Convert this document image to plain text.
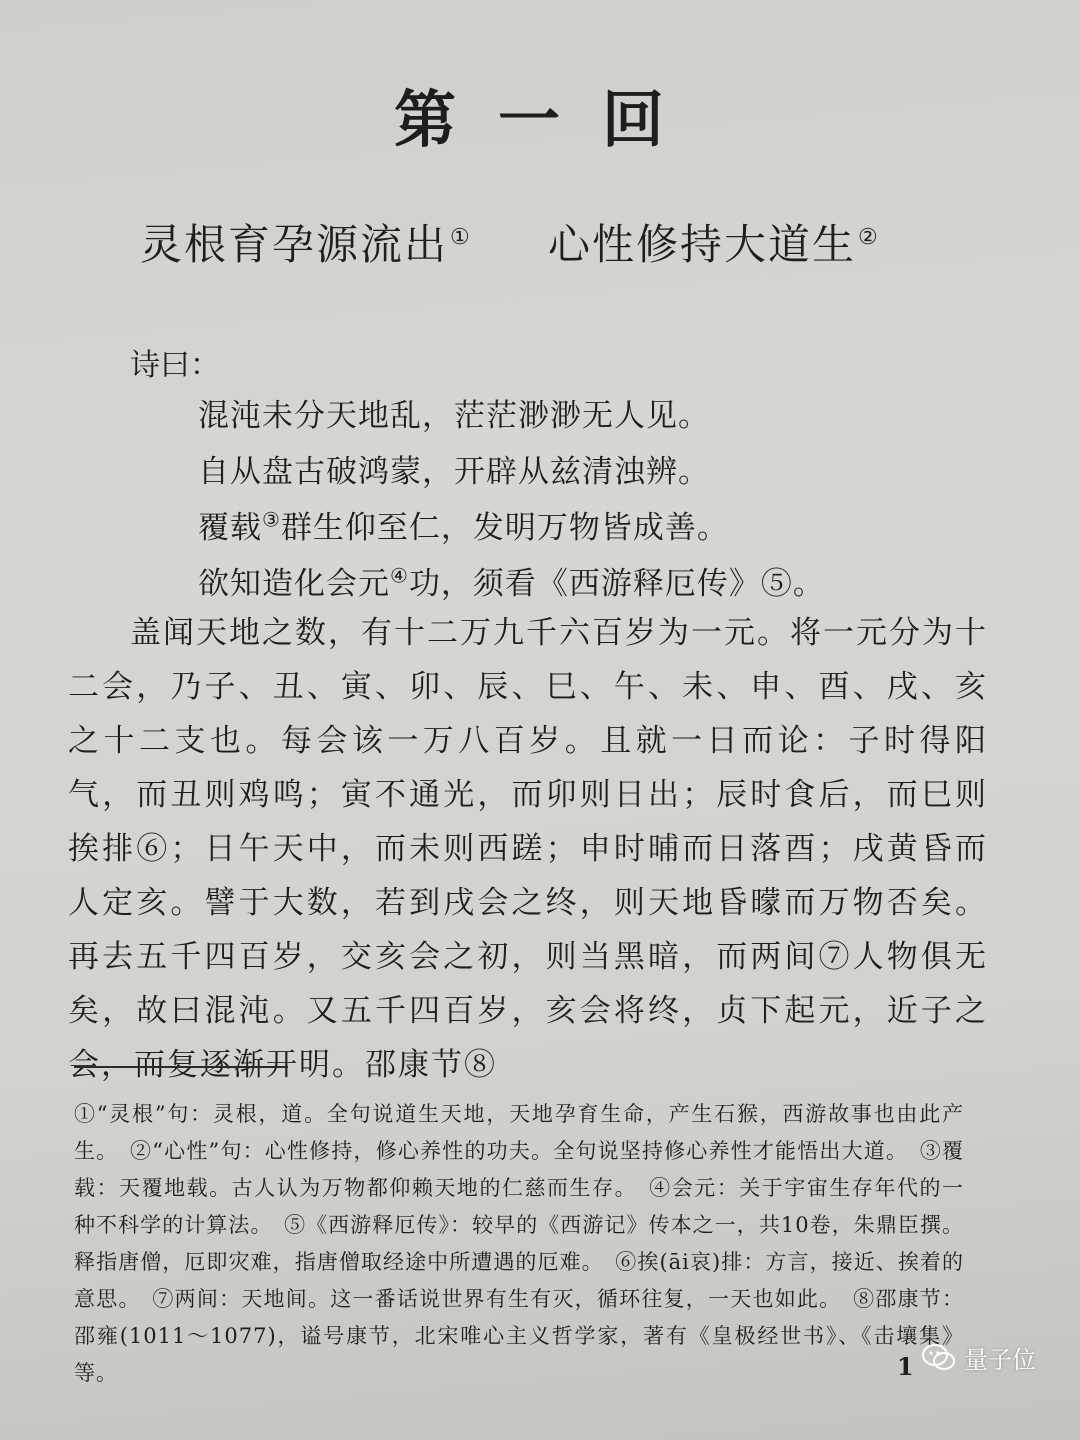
第一回
灵根育孕源流出① 心性修持大道生②
诗曰：
混沌未分天地乱，茫茫渺渺无人见。
自从盘古破鸿蒙，开辟从兹清浊辨。
覆载③群生仰至仁，发明万物皆成善。
欲知造化会元④功，须看《西游释厄传》⑤。
盖闻天地之数，有十二万九千六百岁为一元。将一元分为十二会，乃子、丑、寅、卯、辰、巳、午、未、申、酉、戌、亥之十二支也。每会该一万八百岁。且就一日而论：子时得阳气，而丑则鸡鸣；寅不通光，而卯则日出；辰时食后，而巳则挨排⑥；日午天中，而未则西蹉；申时晡而日落酉；戌黄昏而人定亥。譬于大数，若到戌会之终，则天地昏曚而万物否矣。再去五千四百岁，交亥会之初，则当黑暗，而两间⑦人物俱无矣，故曰混沌。又五千四百岁，亥会将终，贞下起元，近子之会，而复逐渐开明。邵康节⑧
①“灵根”句：灵根，道。全句说道生天地，天地孕育生命，产生石猴，西游故事也由此产生。　②“心性”句：心性修持，修心养性的功夫。全句说坚持修心养性才能悟出大道。　③覆载：天覆地载。古人认为万物都仰赖天地的仁慈而生存。　④会元：关于宇宙生存年代的一种不科学的计算法。　⑤《西游释厄传》：较早的《西游记》传本之一，共10卷，朱鼎臣撰。释指唐僧，厄即灾难，指唐僧取经途中所遭遇的厄难。　⑥挨(āi哀)排：方言，接近、挨着的意思。　⑦两间：天地间。这一番话说世界有生有灭，循环往复，一天也如此。　⑧邵康节：邵雍(1011～1077)，谥号康节，北宋唯心主义哲学家，著有《皇极经世书》、《击壤集》等。	1 量子位
